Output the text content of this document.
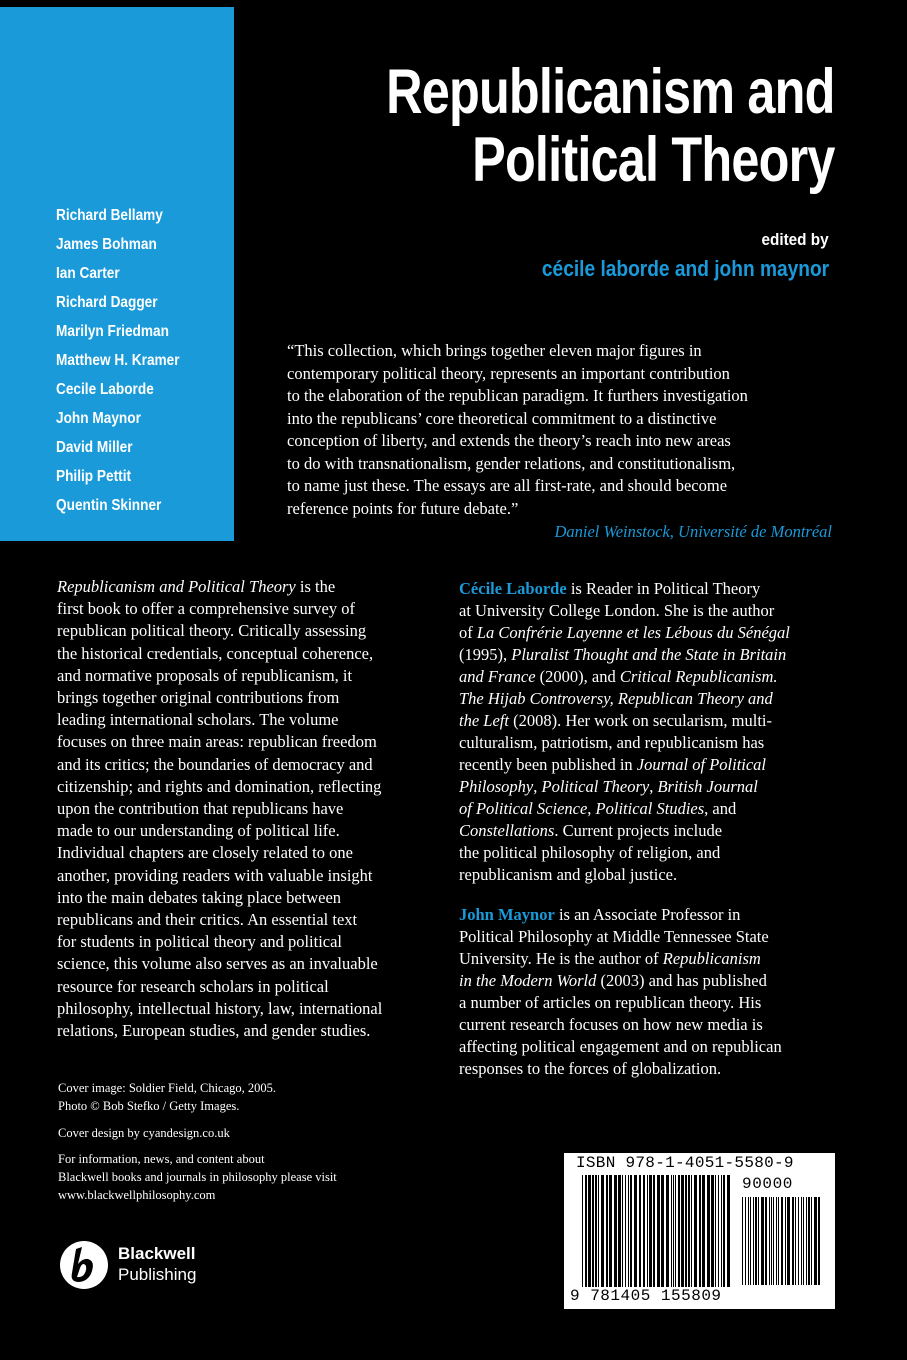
Richard Bellamy
James Bohman
Ian Carter
Richard Dagger
Marilyn Friedman
Matthew H. Kramer
Cecile Laborde
John Maynor
David Miller
Philip Pettit
Quentin Skinner
Republicanism and
Political Theory
edited by
cécile laborde and john maynor

“This collection, which brings together eleven major figures in
contemporary political theory, represents an important contribution
to the elaboration of the republican paradigm. It furthers investigation
into the republicans’ core theoretical commitment to a distinctive
conception of liberty, and extends the theory’s reach into new areas
to do with transnationalism, gender relations, and constitutionalism,
to name just these. The essays are all first-rate, and should become
reference points for future debate.”

Daniel Weinstock, Université de Montréal

Republicanism and Political Theory is the
first book to offer a comprehensive survey of
republican political theory. Critically assessing
the historical credentials, conceptual coherence,
and normative proposals of republicanism, it
brings together original contributions from
leading international scholars. The volume
focuses on three main areas: republican freedom
and its critics; the boundaries of democracy and
citizenship; and rights and domination, reflecting
upon the contribution that republicans have
made to our understanding of political life.
Individual chapters are closely related to one
another, providing readers with valuable insight
into the main debates taking place between
republicans and their critics. An essential text
for students in political theory and political
science, this volume also serves as an invaluable
resource for research scholars in political
philosophy, intellectual history, law, international
relations, European studies, and gender studies.

Cécile Laborde is Reader in Political Theory
at University College London. She is the author
of La Confrérie Layenne et les Lébous du Sénégal
(1995), Pluralist Thought and the State in Britain
and France (2000), and Critical Republicanism.
The Hijab Controversy, Republican Theory and
the Left (2008). Her work on secularism, multi-
culturalism, patriotism, and republicanism has
recently been published in Journal of Political
Philosophy, Political Theory, British Journal
of Political Science, Political Studies, and
Constellations. Current projects include
the political philosophy of religion, and
republicanism and global justice.

John Maynor is an Associate Professor in
Political Philosophy at Middle Tennessee State
University. He is the author of Republicanism
in the Modern World (2003) and has published
a number of articles on republican theory. His
current research focuses on how new media is
affecting political engagement and on republican
responses to the forces of globalization.

Cover image: Soldier Field, Chicago, 2005.
Photo © Bob Stefko / Getty Images.

Cover design by cyandesign.co.uk

For information, news, and content about
Blackwell books and journals in philosophy please visit
www.blackwellphilosophy.com

Blackwell
Publishing
ISBN 978-1-4051-5580-9
90000
9 781405 155809
